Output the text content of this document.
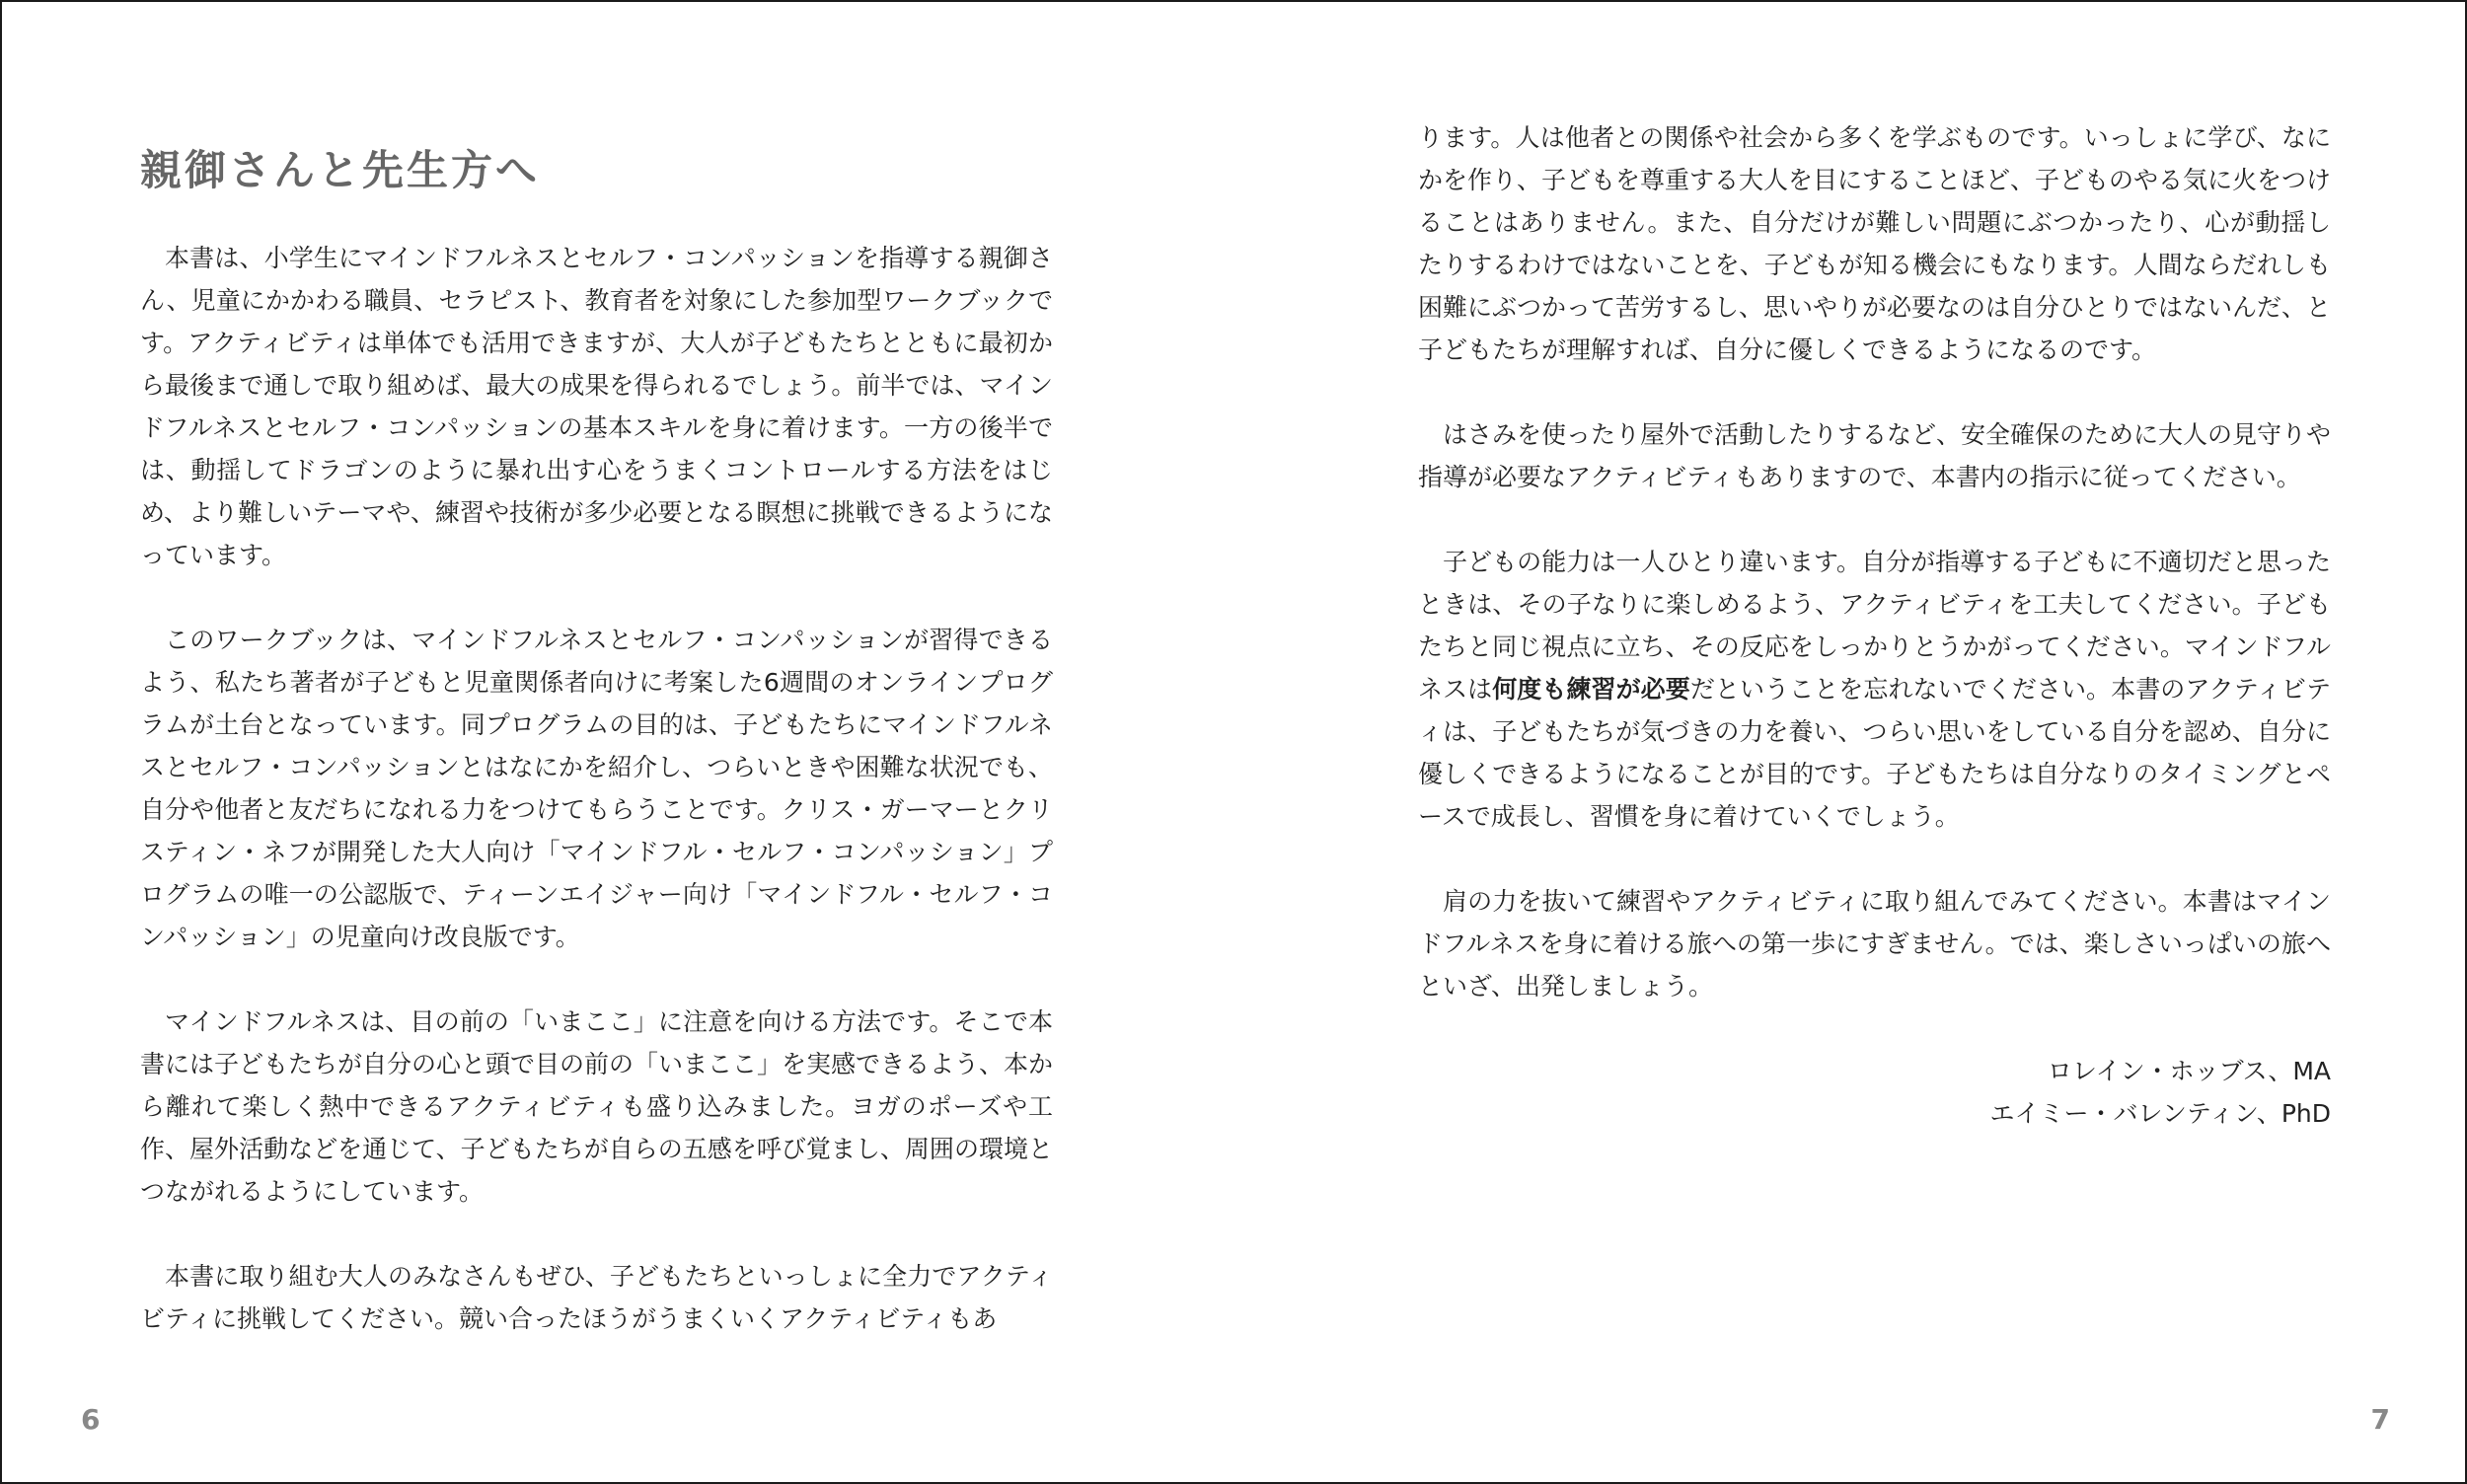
親御さんと先生方へ

本書は、小学生にマインドフルネスとセルフ・コンパッションを指導する親御さん、児童にかかわる職員、セラピスト、教育者を対象にした参加型ワークブックです。アクティビティは単体でも活用できますが、大人が子どもたちとともに最初から最後まで通しで取り組めば、最大の成果を得られるでしょう。前半では、マインドフルネスとセルフ・コンパッションの基本スキルを身に着けます。一方の後半では、動揺してドラゴンのように暴れ出す心をうまくコントロールする方法をはじめ、より難しいテーマや、練習や技術が多少必要となる瞑想に挑戦できるようになっています。

このワークブックは、マインドフルネスとセルフ・コンパッションが習得できるよう、私たち著者が子どもと児童関係者向けに考案した6週間のオンラインプログラムが土台となっています。同プログラムの目的は、子どもたちにマインドフルネスとセルフ・コンパッションとはなにかを紹介し、つらいときや困難な状況でも、自分や他者と友だちになれる力をつけてもらうことです。クリス・ガーマーとクリスティン・ネフが開発した大人向け「マインドフル・セルフ・コンパッション」プログラムの唯一の公認版で、ティーンエイジャー向け「マインドフル・セルフ・コンパッション」の児童向け改良版です。

マインドフルネスは、目の前の「いまここ」に注意を向ける方法です。そこで本書には子どもたちが自分の心と頭で目の前の「いまここ」を実感できるよう、本から離れて楽しく熱中できるアクティビティも盛り込みました。ヨガのポーズや工作、屋外活動などを通じて、子どもたちが自らの五感を呼び覚まし、周囲の環境とつながれるようにしています。

本書に取り組む大人のみなさんもぜひ、子どもたちといっしょに全力でアクティビティに挑戦してください。競い合ったほうがうまくいくアクティビティもあ

6

ります。人は他者との関係や社会から多くを学ぶものです。いっしょに学び、なにかを作り、子どもを尊重する大人を目にすることほど、子どものやる気に火をつけることはありません。また、自分だけが難しい問題にぶつかったり、心が動揺したりするわけではないことを、子どもが知る機会にもなります。人間ならだれしも困難にぶつかって苦労するし、思いやりが必要なのは自分ひとりではないんだ、と子どもたちが理解すれば、自分に優しくできるようになるのです。

はさみを使ったり屋外で活動したりするなど、安全確保のために大人の見守りや指導が必要なアクティビティもありますので、本書内の指示に従ってください。

子どもの能力は一人ひとり違います。自分が指導する子どもに不適切だと思ったときは、その子なりに楽しめるよう、アクティビティを工夫してください。子どもたちと同じ視点に立ち、その反応をしっかりとうかがってください。マインドフルネスは何度も練習が必要だということを忘れないでください。本書のアクティビティは、子どもたちが気づきの力を養い、つらい思いをしている自分を認め、自分に優しくできるようになることが目的です。子どもたちは自分なりのタイミングとペースで成長し、習慣を身に着けていくでしょう。

肩の力を抜いて練習やアクティビティに取り組んでみてください。本書はマインドフルネスを身に着ける旅への第一歩にすぎません。では、楽しさいっぱいの旅へといざ、出発しましょう。

ロレイン・ホッブス、MA
エイミー・バレンティン、PhD
7
